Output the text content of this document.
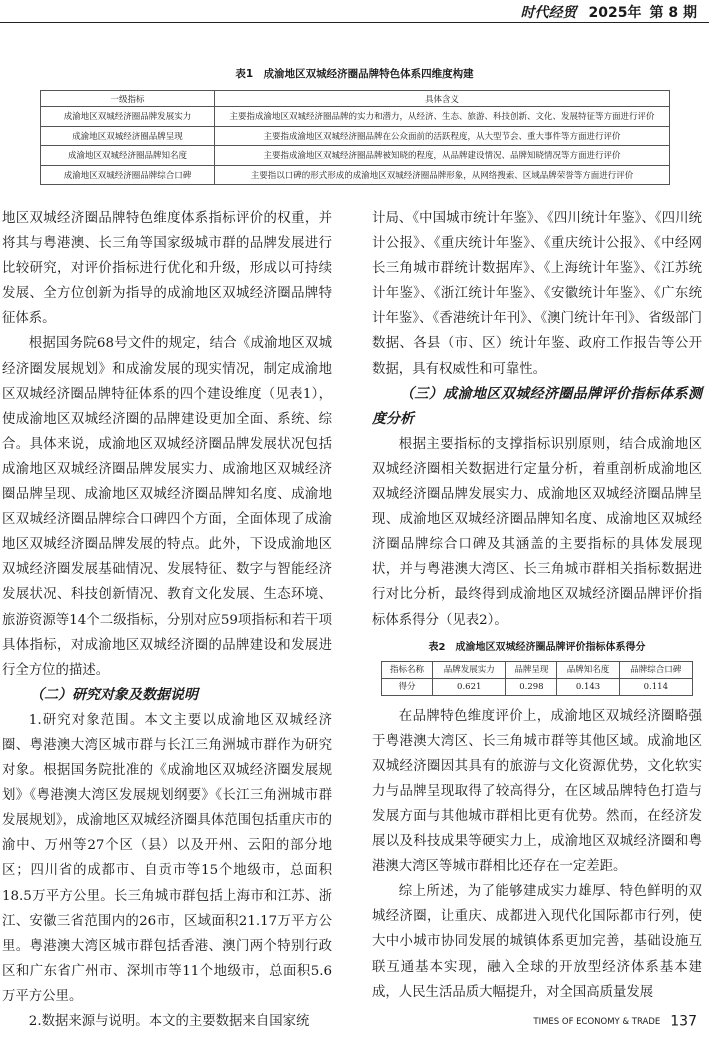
时代经贸 2025年 第 8 期
表1　成渝地区双城经济圈品牌特色体系四维度构建
一级指标	具体含义
成渝地区双城经济圈品牌发展实力	主要指成渝地区双城经济圈品牌的实力和潜力，从经济、生态、旅游、科技创新、文化、发展特征等方面进行评价
成渝地区双城经济圈品牌呈现	主要指成渝地区双城经济圈品牌在公众面前的活跃程度，从大型节会、重大事件等方面进行评价
成渝地区双城经济圈品牌知名度	主要指成渝地区双城经济圈品牌被知晓的程度，从品牌建设情况、品牌知晓情况等方面进行评价
成渝地区双城经济圈品牌综合口碑	主要指以口碑的形式形成的成渝地区双城经济圈品牌形象，从网络搜索、区域品牌荣誉等方面进行评价

地区双城经济圈品牌特色维度体系指标评价的权重，并将其与粤港澳、长三角等国家级城市群的品牌发展进行比较研究，对评价指标进行优化和升级，形成以可持续发展、全方位创新为指导的成渝地区双城经济圈品牌特征体系。

根据国务院68号文件的规定，结合《成渝地区双城经济圈发展规划》和成渝发展的现实情况，制定成渝地区双城经济圈品牌特征体系的四个建设维度（见表1），使成渝地区双城经济圈的品牌建设更加全面、系统、综合。具体来说，成渝地区双城经济圈品牌发展状况包括成渝地区双城经济圈品牌发展实力、成渝地区双城经济圈品牌呈现、成渝地区双城经济圈品牌知名度、成渝地区双城经济圈品牌综合口碑四个方面，全面体现了成渝地区双城经济圈品牌发展的特点。此外，下设成渝地区双城经济圈发展基础情况、发展特征、数字与智能经济发展状况、科技创新情况、教育文化发展、生态环境、旅游资源等14个二级指标，分别对应59项指标和若干项具体指标，对成渝地区双城经济圈的品牌建设和发展进行全方位的描述。

（二）研究对象及数据说明

1.研究对象范围。本文主要以成渝地区双城经济圈、粤港澳大湾区城市群与长江三角洲城市群作为研究对象。根据国务院批准的《成渝地区双城经济圈发展规划》《粤港澳大湾区发展规划纲要》《长江三角洲城市群发展规划》，成渝地区双城经济圈具体范围包括重庆市的渝中、万州等27个区（县）以及开州、云阳的部分地区；四川省的成都市、自贡市等15个地级市，总面积18.5万平方公里。长三角城市群包括上海市和江苏、浙江、安徽三省范围内的26市，区域面积21.17万平方公里。粤港澳大湾区城市群包括香港、澳门两个特别行政区和广东省广州市、深圳市等11个地级市，总面积5.6万平方公里。

2.数据来源与说明。本文的主要数据来自国家统

计局、《中国城市统计年鉴》、《四川统计年鉴》、《四川统计公报》、《重庆统计年鉴》、《重庆统计公报》、《中经网长三角城市群统计数据库》、《上海统计年鉴》、《江苏统计年鉴》、《浙江统计年鉴》、《安徽统计年鉴》、《广东统计年鉴》、《香港统计年刊》、《澳门统计年刊》、省级部门数据、各县（市、区）统计年鉴、政府工作报告等公开数据，具有权威性和可靠性。

（三）成渝地区双城经济圈品牌评价指标体系测度分析

根据主要指标的支撑指标识别原则，结合成渝地区双城经济圈相关数据进行定量分析，着重剖析成渝地区双城经济圈品牌发展实力、成渝地区双城经济圈品牌呈现、成渝地区双城经济圈品牌知名度、成渝地区双城经济圈品牌综合口碑及其涵盖的主要指标的具体发展现状，并与粤港澳大湾区、长三角城市群相关指标数据进行对比分析，最终得到成渝地区双城经济圈品牌评价指标体系得分（见表2）。

表2　成渝地区双城经济圈品牌评价指标体系得分
指标名称	品牌发展实力	品牌呈现	品牌知名度	品牌综合口碑
得分	0.621	0.298	0.143	0.114

在品牌特色维度评价上，成渝地区双城经济圈略强于粤港澳大湾区、长三角城市群等其他区域。成渝地区双城经济圈因其具有的旅游与文化资源优势，文化软实力与品牌呈现取得了较高得分，在区域品牌特色打造与发展方面与其他城市群相比更有优势。然而，在经济发展以及科技成果等硬实力上，成渝地区双城经济圈和粤港澳大湾区等城市群相比还存在一定差距。

综上所述，为了能够建成实力雄厚、特色鲜明的双城经济圈，让重庆、成都进入现代化国际都市行列，使大中小城市协同发展的城镇体系更加完善，基础设施互联互通基本实现，融入全球的开放型经济体系基本建成，人民生活品质大幅提升，对全国高质量发展

TIMES OF ECONOMY & TRADE 137
